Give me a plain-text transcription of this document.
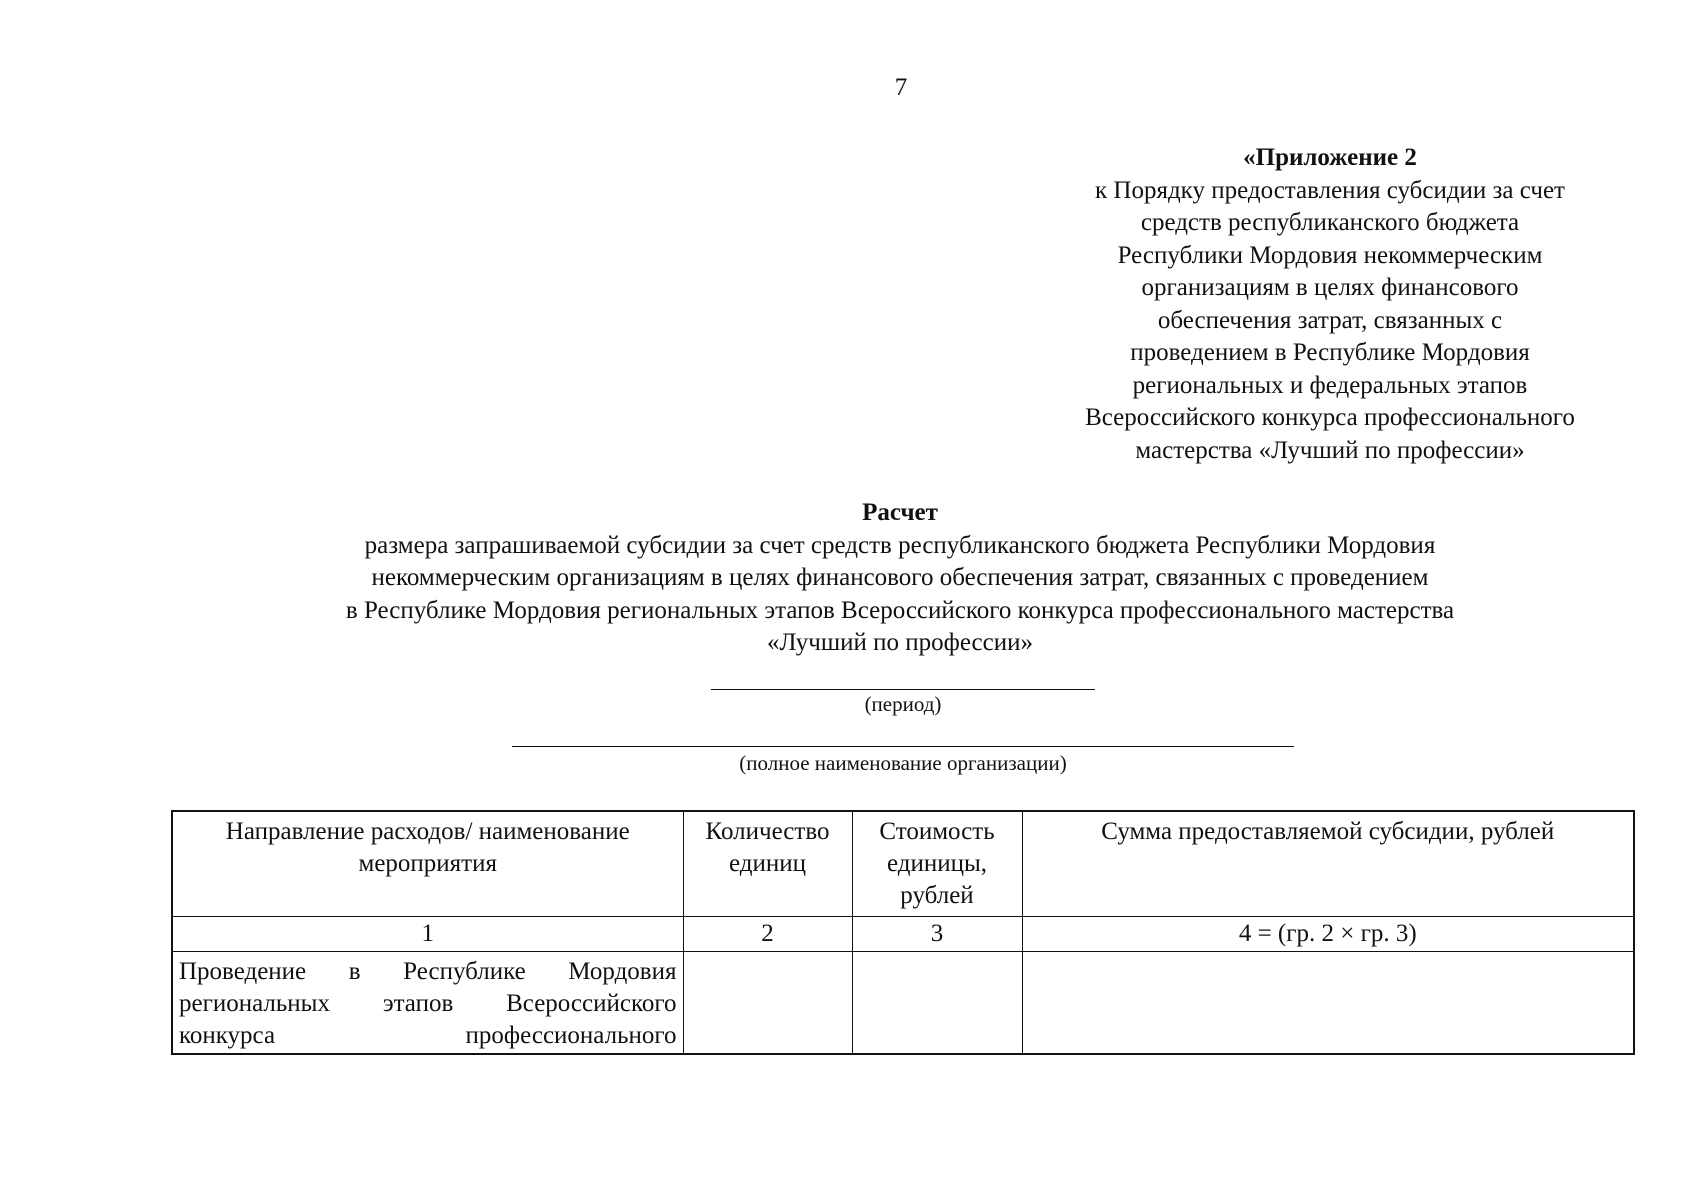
7
«Приложение 2
к Порядку предоставления субсидии за счет
средств республиканского бюджета
Республики Мордовия некоммерческим
организациям в целях финансового
обеспечения затрат, связанных с
проведением в Республике Мордовия
региональных и федеральных этапов
Всероссийского конкурса профессионального
мастерства «Лучший по профессии»
Расчет
размера запрашиваемой субсидии за счет средств республиканского бюджета Республики Мордовия
некоммерческим организациям в целях финансового обеспечения затрат, связанных с проведением
в Республике Мордовия региональных этапов Всероссийского конкурса профессионального мастерства
«Лучший по профессии»
(период)
(полное наименование организации)
Направление расходов/ наименование мероприятия	Количество единиц	Стоимость единицы, рублей	Сумма предоставляемой субсидии, рублей
1	2	3	4 = (гр. 2 × гр. 3)
Проведение в Республике Мордовия региональных этапов Всероссийского конкурса профессионального			
